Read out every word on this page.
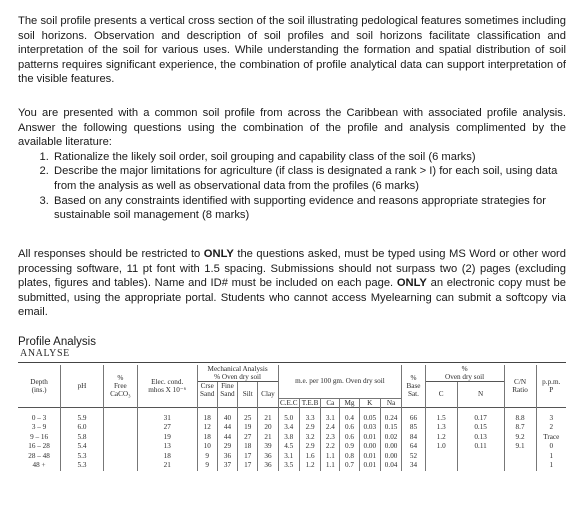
The soil profile presents a vertical cross section of the soil illustrating pedological features sometimes including soil horizons. Observation and description of soil profiles and soil horizons facilitate classification and interpretation of the soil for various uses. While understanding the formation and spatial distribution of soil patterns requires significant experience, the combination of profile analytical data can support interpretation of the visible features.

You are presented with a common soil profile from across the Caribbean with associated profile analysis. Answer the following questions using the combination of the profile and analysis complimented by the available literature:

1. Rationalize the likely soil order, soil grouping and capability class of the soil (6 marks)
2. Describe the major limitations for agriculture (if class is designated a rank > I) for each soil, using data from the analysis as well as observational data from the profiles (6 marks)
3. Based on any constraints identified with supporting evidence and reasons appropriate strategies for sustainable soil management (8 marks)

All responses should be restricted to ONLY the questions asked, must be typed using MS Word or other word processing software, 11 pt font with 1.5 spacing. Submissions should not surpass two (2) pages (excluding plates, figures and tables). Name and ID# must be included on each page. ONLY an electronic copy must be submitted, using the appropriate portal. Students who cannot access Myelearning can submit a softcopy via email.

Profile Analysis
ANALYSE
Depth
(ins.)	pH	%
Free
CaCO₃	Elec. cond.
mhos X 10⁻⁶	Mechanical Analysis
% Oven dry soil				m.e. per 100 gm. Oven dry soil						%
Base
Sat.	%
Oven dry soil		C/N
Ratio	p.p.m.
P
				Crse
Sand	Fine
Sand	Silt	Clay								C	N		
								C.E.C	T.E.B	Ca	Mg	K	Na					

0 – 3	5.9		31	18	40	25	21	5.0	3.3	3.1	0.4	0.05	0.24	66	1.5	0.17	8.8	3
3 – 9	6.0		27	12	44	19	20	3.4	2.9	2.4	0.6	0.03	0.15	85	1.3	0.15	8.7	2
9 – 16	5.8		19	18	44	27	21	3.8	3.2	2.3	0.6	0.01	0.02	84	1.2	0.13	9.2	Trace
16 – 28	5.4		13	10	29	18	39	4.5	2.9	2.2	0.9	0.00	0.00	64	1.0	0.11	9.1	0
28 – 48	5.3		18	9	36	17	36	3.1	1.6	1.1	0.8	0.01	0.00	52				1
48 +	5.3		21	9	37	17	36	3.5	1.2	1.1	0.7	0.01	0.04	34				1
